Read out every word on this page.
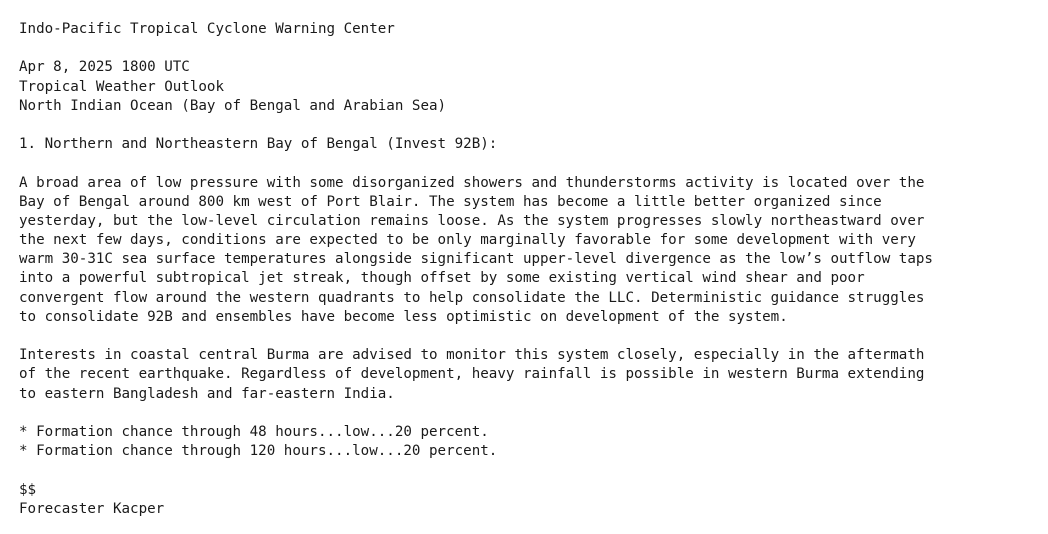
Indo-Pacific Tropical Cyclone Warning Center
Apr 8, 2025 1800 UTC
Tropical Weather Outlook
North Indian Ocean (Bay of Bengal and Arabian Sea)
1. Northern and Northeastern Bay of Bengal (Invest 92B):
A broad area of low pressure with some disorganized showers and thunderstorms activity is located over the
Bay of Bengal around 800 km west of Port Blair. The system has become a little better organized since
yesterday, but the low-level circulation remains loose. As the system progresses slowly northeastward over
the next few days, conditions are expected to be only marginally favorable for some development with very
warm 30-31C sea surface temperatures alongside significant upper-level divergence as the low’s outflow taps
into a powerful subtropical jet streak, though offset by some existing vertical wind shear and poor
convergent flow around the western quadrants to help consolidate the LLC. Deterministic guidance struggles
to consolidate 92B and ensembles have become less optimistic on development of the system.
Interests in coastal central Burma are advised to monitor this system closely, especially in the aftermath
of the recent earthquake. Regardless of development, heavy rainfall is possible in western Burma extending
to eastern Bangladesh and far-eastern India.
* Formation chance through 48 hours...low...20 percent.
* Formation chance through 120 hours...low...20 percent.
$$
Forecaster Kacper
